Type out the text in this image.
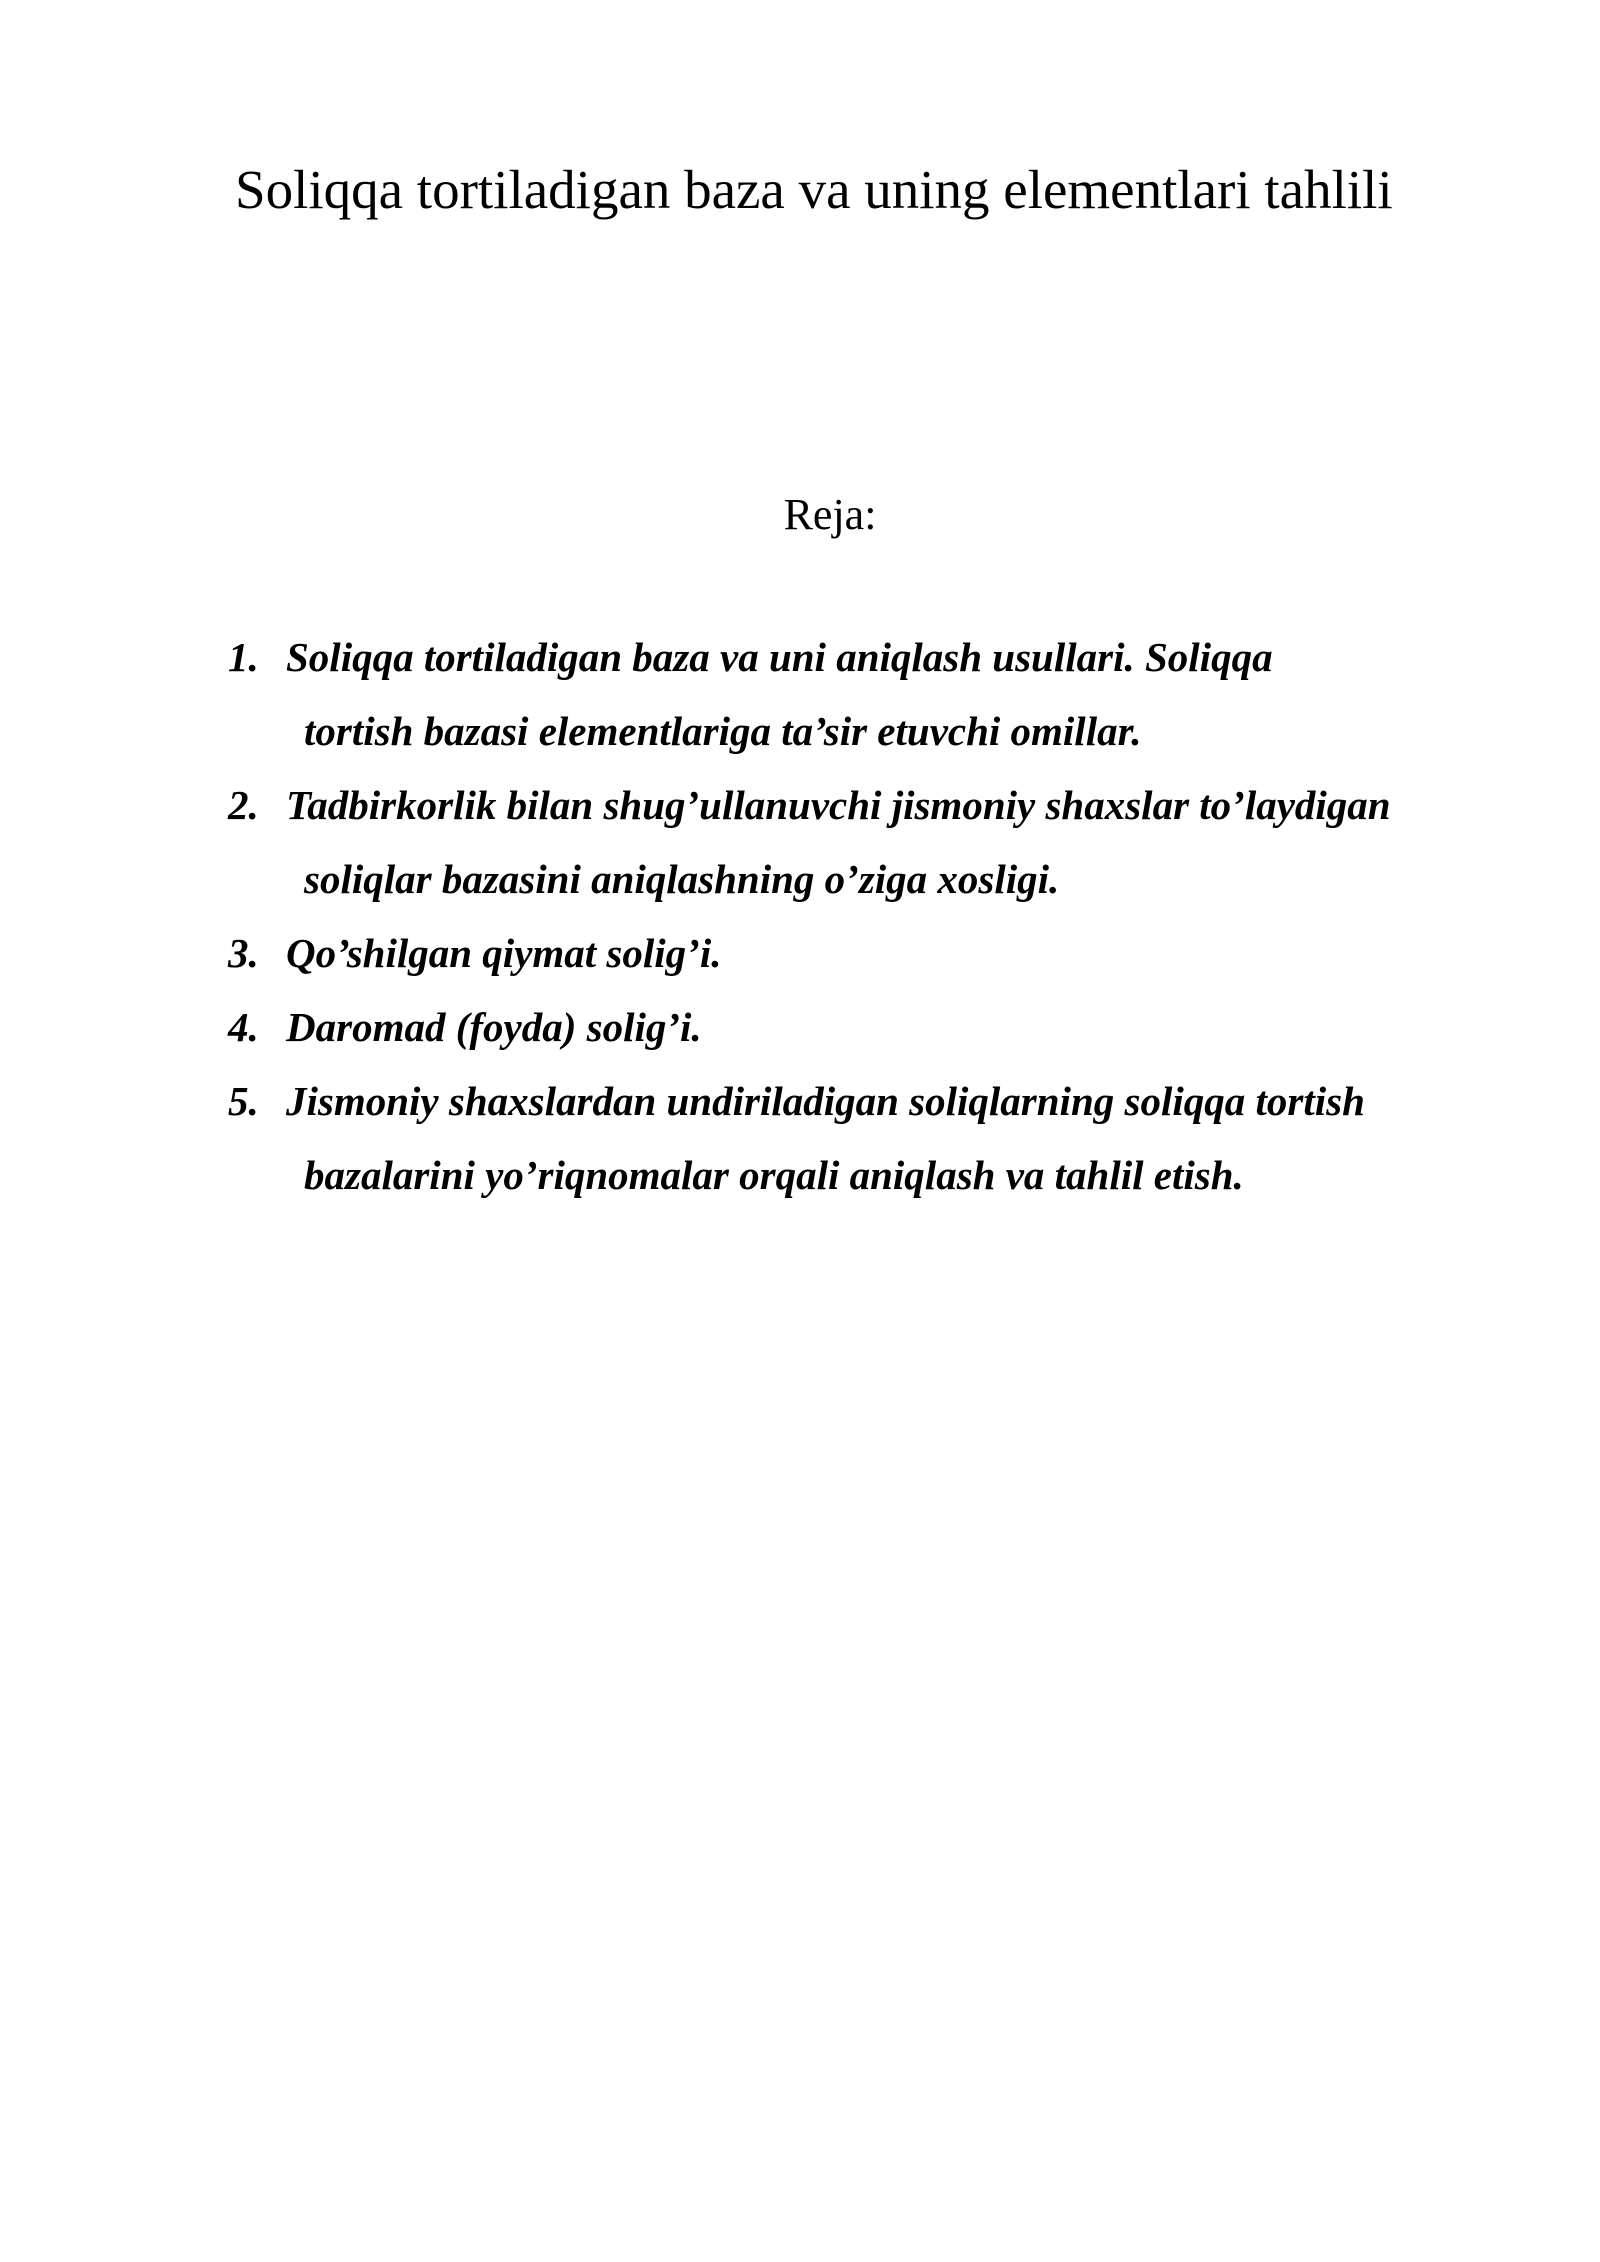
Soliqqa tortiladigan baza va uning elementlari tahlili
Reja:
1. Soliqqa tortiladigan baza va uni aniqlash usullari. Soliqqa
tortish bazasi elementlariga ta’sir etuvchi omillar.
2. Tadbirkorlik bilan shug’ullanuvchi jismoniy shaxslar to’laydigan
soliqlar bazasini aniqlashning o’ziga xosligi.
3. Qo’shilgan qiymat solig’i.
4. Daromad (foyda) solig’i.
5. Jismoniy shaxslardan undiriladigan soliqlarning soliqqa tortish
bazalarini yo’riqnomalar orqali aniqlash va tahlil etish.
